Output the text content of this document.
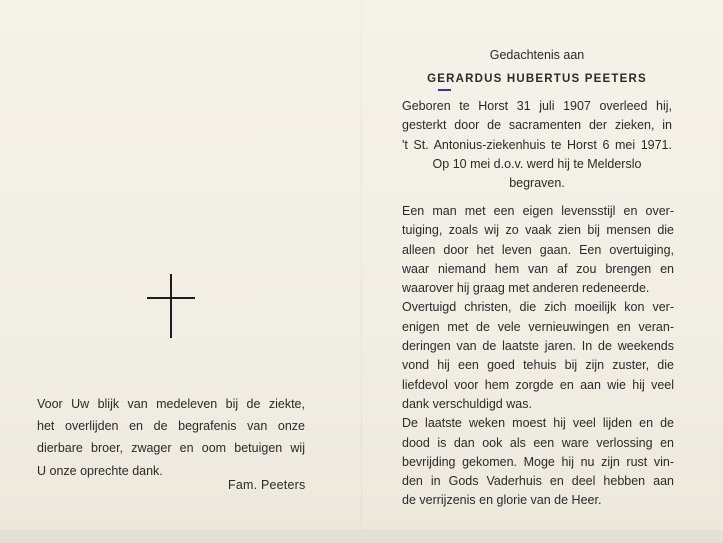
Voor Uw blijk van medeleven bij de ziekte,
het overlijden en de begrafenis van onze
dierbare broer, zwager en oom betuigen wij
U onze oprechte dank.
Fam. Peeters
Gedachtenis aan
GERARDUS HUBERTUS PEETERS
Geboren te Horst 31 juli 1907 overleed hij,
gesterkt door de sacramenten der zieken, in
't St. Antonius-ziekenhuis te Horst 6 mei 1971.
Op 10 mei d.o.v. werd hij te Melderslo
begraven.
Een man met een eigen levensstijl en over-
tuiging, zoals wij zo vaak zien bij mensen die
alleen door het leven gaan. Een overtuiging,
waar niemand hem van af zou brengen en
waarover hij graag met anderen redeneerde.
Overtuigd christen, die zich moeilijk kon ver-
enigen met de vele vernieuwingen en veran-
deringen van de laatste jaren. In de weekends
vond hij een goed tehuis bij zijn zuster, die
liefdevol voor hem zorgde en aan wie hij veel
dank verschuldigd was.
De laatste weken moest hij veel lijden en de
dood is dan ook als een ware verlossing en
bevrijding gekomen. Moge hij nu zijn rust vin-
den in Gods Vaderhuis en deel hebben aan
de verrijzenis en glorie van de Heer.
